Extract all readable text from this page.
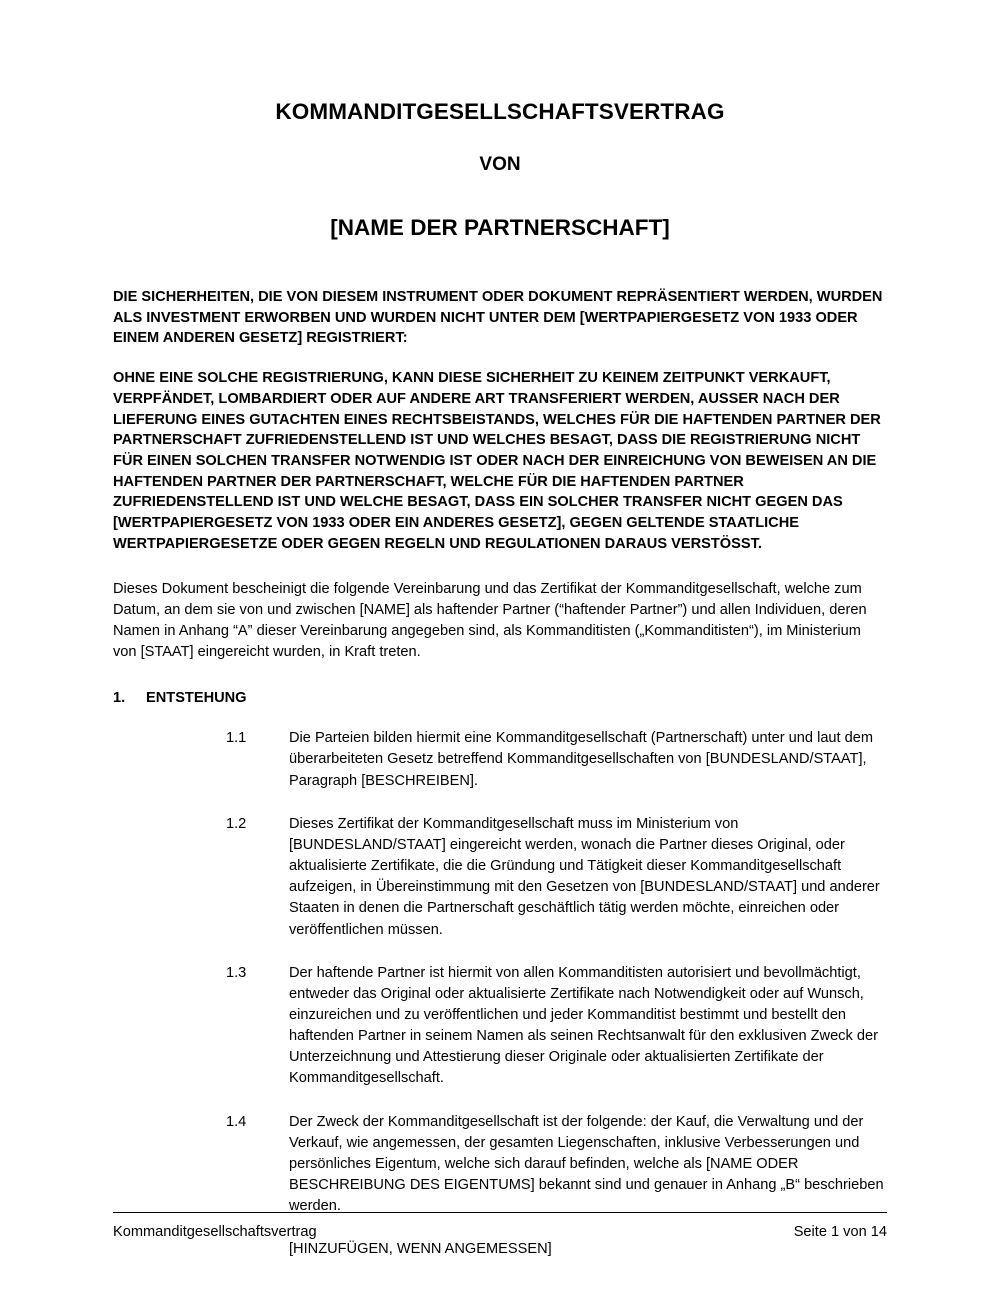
KOMMANDITGESELLSCHAFTSVERTRAG
VON
[NAME DER PARTNERSCHAFT]

DIE SICHERHEITEN, DIE VON DIESEM INSTRUMENT ODER DOKUMENT REPRÄSENTIERT WERDEN, WURDEN ALS INVESTMENT ERWORBEN UND WURDEN NICHT UNTER DEM [WERTPAPIERGESETZ VON 1933 ODER EINEM ANDEREN GESETZ] REGISTRIERT:

OHNE EINE SOLCHE REGISTRIERUNG, KANN DIESE SICHERHEIT ZU KEINEM ZEITPUNKT VERKAUFT, VERPFÄNDET, LOMBARDIERT ODER AUF ANDERE ART TRANSFERIERT WERDEN, AUSSER NACH DER LIEFERUNG EINES GUTACHTEN EINES RECHTSBEISTANDS, WELCHES FÜR DIE HAFTENDEN PARTNER DER PARTNERSCHAFT ZUFRIEDENSTELLEND IST UND WELCHES BESAGT, DASS DIE REGISTRIERUNG NICHT FÜR EINEN SOLCHEN TRANSFER NOTWENDIG IST ODER NACH DER EINREICHUNG VON BEWEISEN AN DIE HAFTENDEN PARTNER DER PARTNERSCHAFT, WELCHE FÜR DIE HAFTENDEN PARTNER ZUFRIEDENSTELLEND IST UND WELCHE BESAGT, DASS EIN SOLCHER TRANSFER NICHT GEGEN DAS [WERTPAPIERGESETZ VON 1933 ODER EIN ANDERES GESETZ], GEGEN GELTENDE STAATLICHE WERTPAPIERGESETZE ODER GEGEN REGELN UND REGULATIONEN DARAUS VERSTÖSST.

Dieses Dokument bescheinigt die folgende Vereinbarung und das Zertifikat der Kommanditgesellschaft, welche zum Datum, an dem sie von und zwischen [NAME] als haftender Partner (“haftender Partner”) und allen Individuen, deren Namen in Anhang “A” dieser Vereinbarung angegeben sind, als Kommanditisten („Kommanditisten“), im Ministerium von [STAAT] eingereicht wurden, in Kraft treten.

1.	ENTSTEHUNG
1.1	Die Parteien bilden hiermit eine Kommanditgesellschaft (Partnerschaft) unter und laut dem überarbeiteten Gesetz betreffend Kommanditgesellschaften von [BUNDESLAND/STAAT], Paragraph [BESCHREIBEN].
1.2	Dieses Zertifikat der Kommanditgesellschaft muss im Ministerium von [BUNDESLAND/STAAT] eingereicht werden, wonach die Partner dieses Original, oder aktualisierte Zertifikate, die die Gründung und Tätigkeit dieser Kommanditgesellschaft aufzeigen, in Übereinstimmung mit den Gesetzen von [BUNDESLAND/STAAT] und anderer Staaten in denen die Partnerschaft geschäftlich tätig werden möchte, einreichen oder veröffentlichen müssen.
1.3	Der haftende Partner ist hiermit von allen Kommanditisten autorisiert und bevollmächtigt, entweder das Original oder aktualisierte Zertifikate nach Notwendigkeit oder auf Wunsch, einzureichen und zu veröffentlichen und jeder Kommanditist bestimmt und bestellt den haftenden Partner in seinem Namen als seinen Rechtsanwalt für den exklusiven Zweck der Unterzeichnung und Attestierung dieser Originale oder aktualisierten Zertifikate der Kommanditgesellschaft.
1.4	Der Zweck der Kommanditgesellschaft ist der folgende: der Kauf, die Verwaltung und der Verkauf, wie angemessen, der gesamten Liegenschaften, inklusive Verbesserungen und persönliches Eigentum, welche sich darauf befinden, welche als [NAME ODER BESCHREIBUNG DES EIGENTUMS] bekannt sind und genauer in Anhang „B“ beschrieben werden.

[HINZUFÜGEN, WENN ANGEMESSEN]

Kommanditgesellschaftsvertrag	Seite 1 von 14
